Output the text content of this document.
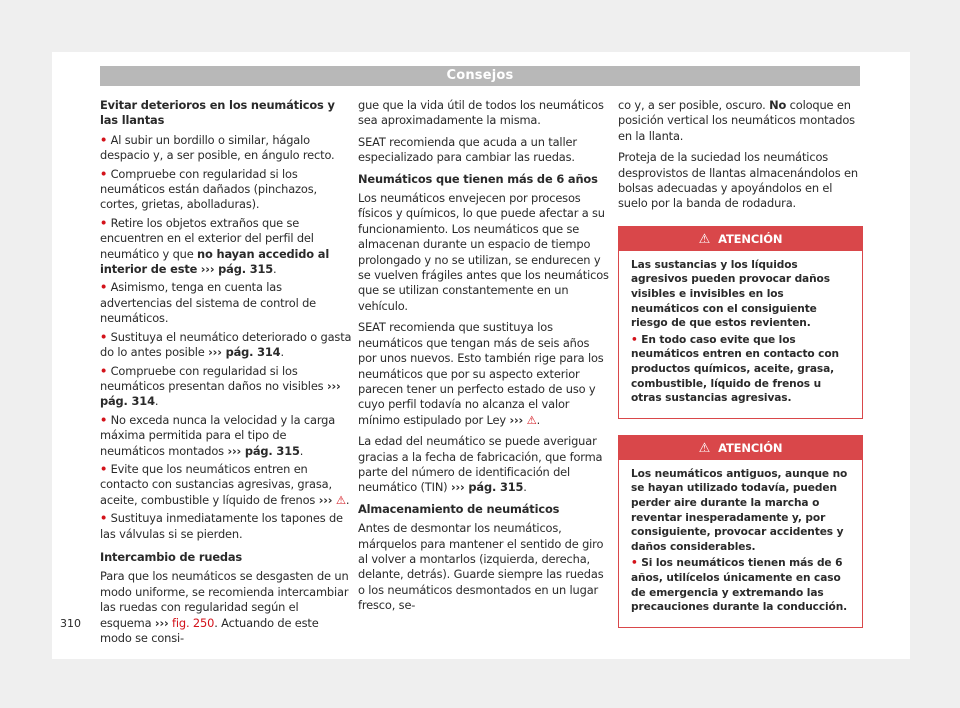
Consejos

Evitar deterioros en los neumáticos y las llantas

• Al subir un bordillo o similar, hágalo despacio y, a ser posible, en ángulo recto.

• Compruebe con regularidad si los neumáticos están dañados (pinchazos, cortes, grietas, abolladuras).

• Retire los objetos extraños que se encuentren en el exterior del perfil del neumático y que no hayan accedido al interior de este ››› pág. 315.

• Asimismo, tenga en cuenta las advertencias del sistema de control de neumáticos.

• Sustituya el neumático deteriorado o gasta do lo antes posible ››› pág. 314.

• Compruebe con regularidad si los neumáticos presentan daños no visibles ››› pág. 314.

• No exceda nunca la velocidad y la carga máxima permitida para el tipo de neumáticos montados ››› pág. 315.

• Evite que los neumáticos entren en contacto con sustancias agresivas, grasa, aceite, combustible y líquido de frenos ››› ⚠.

• Sustituya inmediatamente los tapones de las válvulas si se pierden.

Intercambio de ruedas

Para que los neumáticos se desgasten de un modo uniforme, se recomienda intercambiar las ruedas con regularidad según el esquema ››› fig. 250. Actuando de este modo se consi-

gue que la vida útil de todos los neumáticos sea aproximadamente la misma.

SEAT recomienda que acuda a un taller especializado para cambiar las ruedas.

Neumáticos que tienen más de 6 años

Los neumáticos envejecen por procesos físicos y químicos, lo que puede afectar a su funcionamiento. Los neumáticos que se almacenan durante un espacio de tiempo prolongado y no se utilizan, se endurecen y se vuelven frágiles antes que los neumáticos que se utilizan constantemente en un vehículo.

SEAT recomienda que sustituya los neumáticos que tengan más de seis años por unos nuevos. Esto también rige para los neumáticos que por su aspecto exterior parecen tener un perfecto estado de uso y cuyo perfil todavía no alcanza el valor mínimo estipulado por Ley ››› ⚠.

La edad del neumático se puede averiguar gracias a la fecha de fabricación, que forma parte del número de identificación del neumático (TIN) ››› pág. 315.

Almacenamiento de neumáticos

Antes de desmontar los neumáticos, márquelos para mantener el sentido de giro al volver a montarlos (izquierda, derecha, delante, detrás). Guarde siempre las ruedas o los neumáticos desmontados en un lugar fresco, se-

co y, a ser posible, oscuro. No coloque en posición vertical los neumáticos montados en la llanta.

Proteja de la suciedad los neumáticos desprovistos de llantas almacenándolos en bolsas adecuadas y apoyándolos en el suelo por la banda de rodadura.

⚠ ATENCIÓN

Las sustancias y los líquidos agresivos pueden provocar daños visibles e invisibles en los neumáticos con el consiguiente riesgo de que estos revienten.

• En todo caso evite que los neumáticos entren en contacto con productos químicos, aceite, grasa, combustible, líquido de frenos u otras sustancias agresivas.

⚠ ATENCIÓN

Los neumáticos antiguos, aunque no se hayan utilizado todavía, pueden perder aire durante la marcha o reventar inesperadamente y, por consiguiente, provocar accidentes y daños considerables.

• Si los neumáticos tienen más de 6 años, utilícelos únicamente en caso de emergencia y extremando las precauciones durante la conducción.

310
